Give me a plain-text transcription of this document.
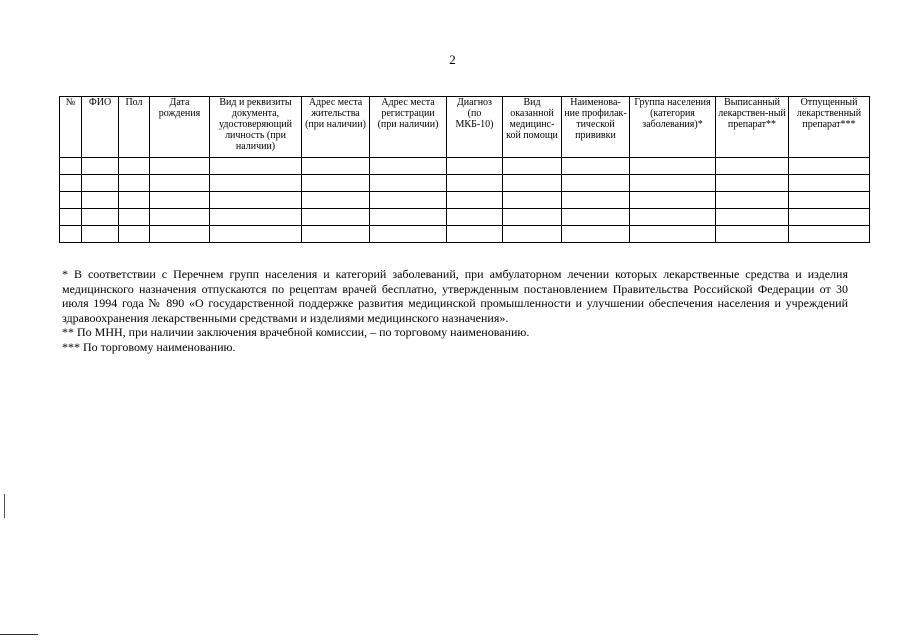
2
№	ФИО	Пол	Дата рождения	Вид и реквизиты документа, удостоверяющий личность (при наличии)	Адрес места жительства (при наличии)	Адрес места регистрации (при наличии)	Диагноз (по МКБ-10)	Вид оказанной медицинс-кой помощи	Наименова-ние профилак-тической прививки	Группа населения (категория заболевания)*	Выписанный лекарствен-ный препарат**	Отпущенный лекарственный препарат***

* В соответствии с Перечнем групп населения и категорий заболеваний, при амбулаторном лечении которых лекарственные средства и изделия медицинского назначения отпускаются по рецептам врачей бесплатно, утвержденным постановлением Правительства Российской Федерации от 30 июля 1994 года № 890 «О государственной поддержке развития медицинской промышленности и улучшении обеспечения населения и учреждений здравоохранения лекарственными средствами и изделиями медицинского назначения».

** По МНН, при наличии заключения врачебной комиссии, – по торговому наименованию.

*** По торговому наименованию.
